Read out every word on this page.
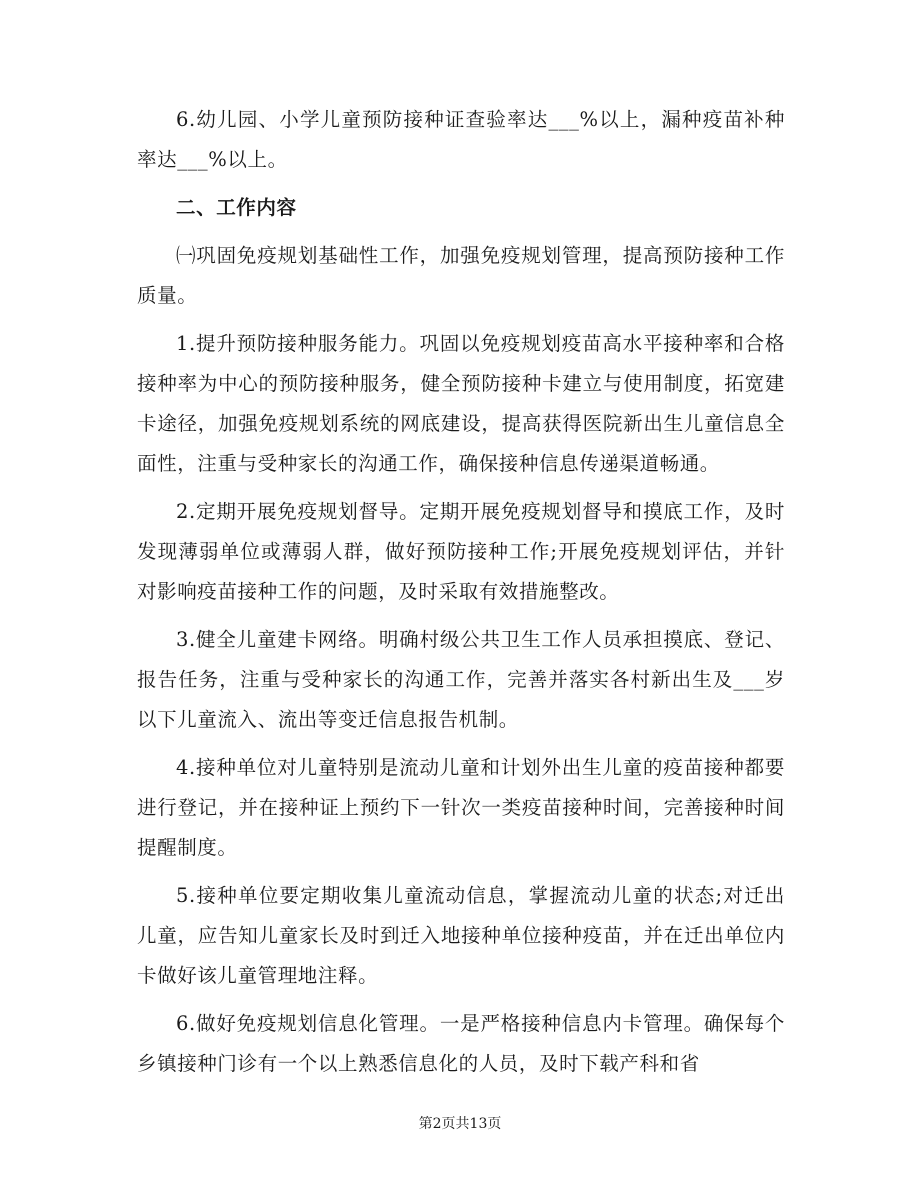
6.幼儿园、小学儿童预防接种证查验率达___%以上，漏种疫苗补种率达___%以上。

二、工作内容

㈠巩固免疫规划基础性工作，加强免疫规划管理，提高预防接种工作质量。

1.提升预防接种服务能力。巩固以免疫规划疫苗高水平接种率和合格接种率为中心的预防接种服务，健全预防接种卡建立与使用制度，拓宽建卡途径，加强免疫规划系统的网底建设，提高获得医院新出生儿童信息全面性，注重与受种家长的沟通工作，确保接种信息传递渠道畅通。

2.定期开展免疫规划督导。定期开展免疫规划督导和摸底工作，及时发现薄弱单位或薄弱人群，做好预防接种工作;开展免疫规划评估，并针对影响疫苗接种工作的问题，及时采取有效措施整改。

3.健全儿童建卡网络。明确村级公共卫生工作人员承担摸底、登记、报告任务，注重与受种家长的沟通工作，完善并落实各村新出生及___岁以下儿童流入、流出等变迁信息报告机制。

4.接种单位对儿童特别是流动儿童和计划外出生儿童的疫苗接种都要进行登记，并在接种证上预约下一针次一类疫苗接种时间，完善接种时间提醒制度。

5.接种单位要定期收集儿童流动信息，掌握流动儿童的状态;对迁出儿童，应告知儿童家长及时到迁入地接种单位接种疫苗，并在迁出单位内卡做好该儿童管理地注释。

6.做好免疫规划信息化管理。一是严格接种信息内卡管理。确保每个乡镇接种门诊有一个以上熟悉信息化的人员，及时下载产科和省

第2页共13页
